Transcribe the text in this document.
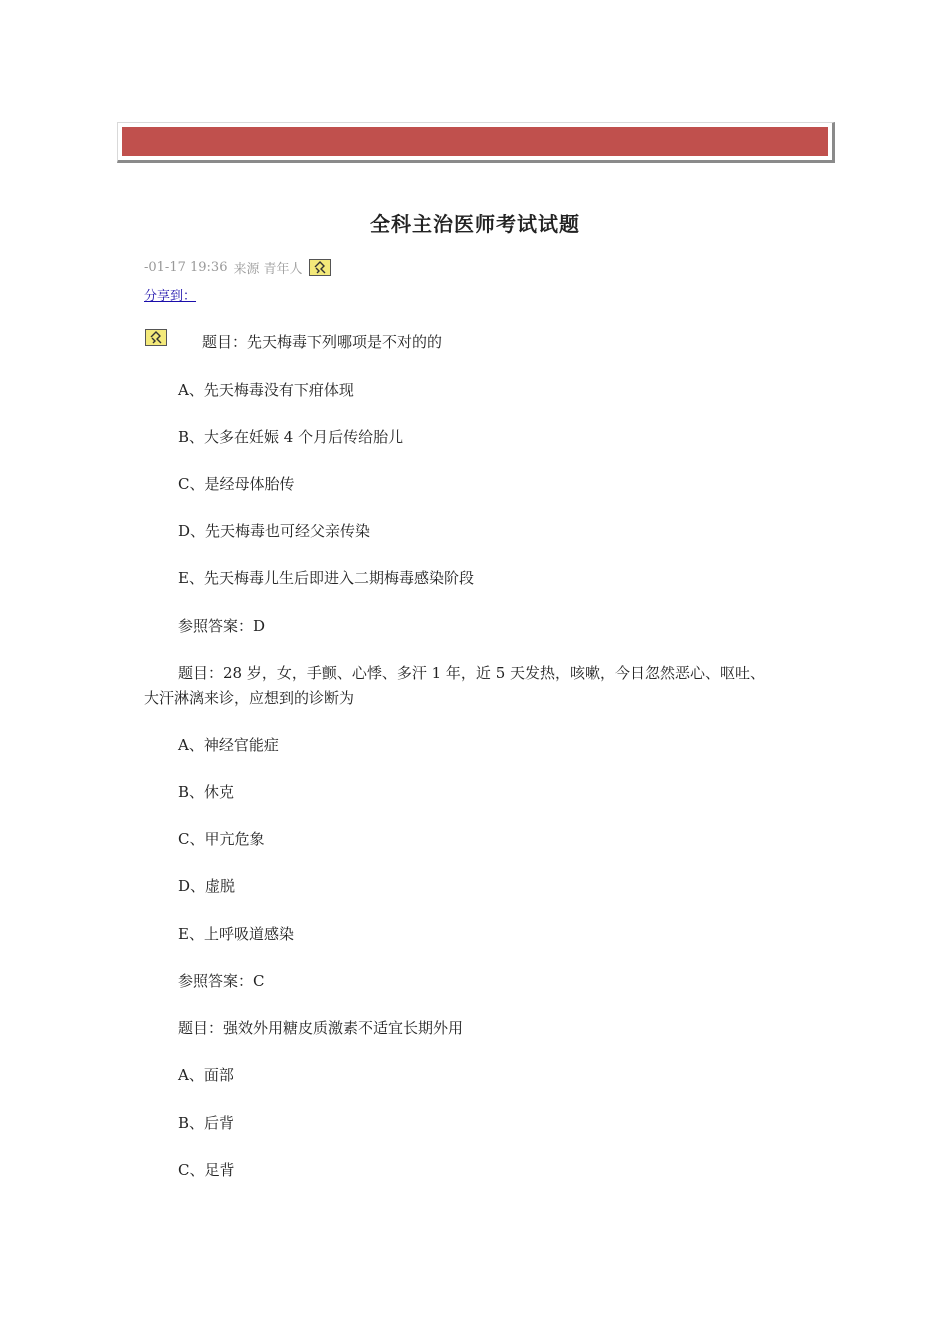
全科主治医师考试试题
-01-17 19:36 来源 青年人
分享到：
题目：先天梅毒下列哪项是不对的的
A、先天梅毒没有下疳体现
B、大多在妊娠 4 个月后传给胎儿
C、是经母体胎传
D、先天梅毒也可经父亲传染
E、先天梅毒儿生后即进入二期梅毒感染阶段
参照答案：D
题目：28 岁，女，手颤、心悸、多汗 1 年，近 5 天发热，咳嗽，今日忽然恶心、呕吐、
大汗淋漓来诊，应想到的诊断为
A、神经官能症
B、休克
C、甲亢危象
D、虚脱
E、上呼吸道感染
参照答案：C
题目：强效外用糖皮质激素不适宜长期外用
A、面部
B、后背
C、足背
